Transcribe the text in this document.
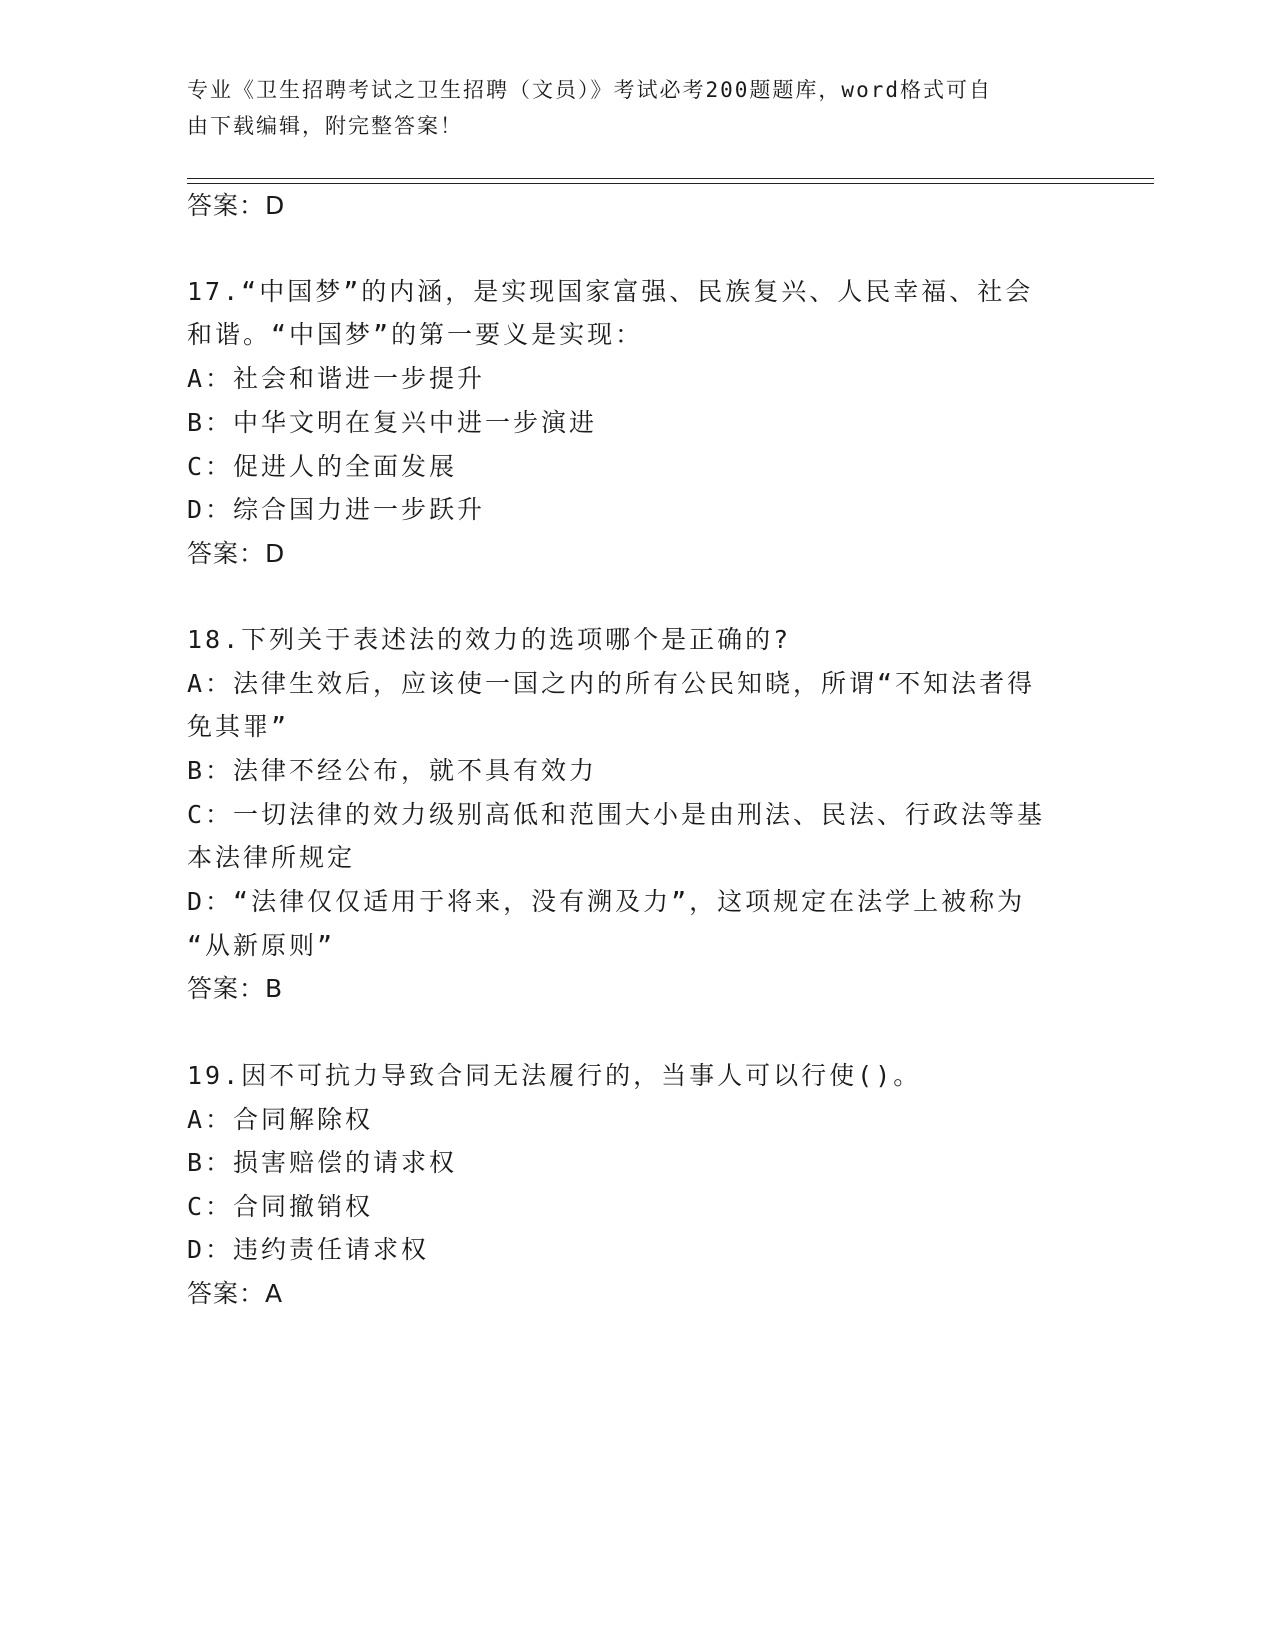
专业《卫生招聘考试之卫生招聘（文员）》考试必考200题题库，word格式可自
由下载编辑，附完整答案！
答案：D
17.“中国梦”的内涵，是实现国家富强、民族复兴、人民幸福、社会
和谐。“中国梦”的第一要义是实现：
A：社会和谐进一步提升
B：中华文明在复兴中进一步演进
C：促进人的全面发展
D：综合国力进一步跃升
答案：D
18.下列关于表述法的效力的选项哪个是正确的?
A：法律生效后，应该使一国之内的所有公民知晓，所谓“不知法者得
免其罪”
B：法律不经公布，就不具有效力
C：一切法律的效力级别高低和范围大小是由刑法、民法、行政法等基
本法律所规定
D：“法律仅仅适用于将来，没有溯及力”，这项规定在法学上被称为
“从新原则”
答案：B
19.因不可抗力导致合同无法履行的，当事人可以行使()。
A：合同解除权
B：损害赔偿的请求权
C：合同撤销权
D：违约责任请求权
答案：A
